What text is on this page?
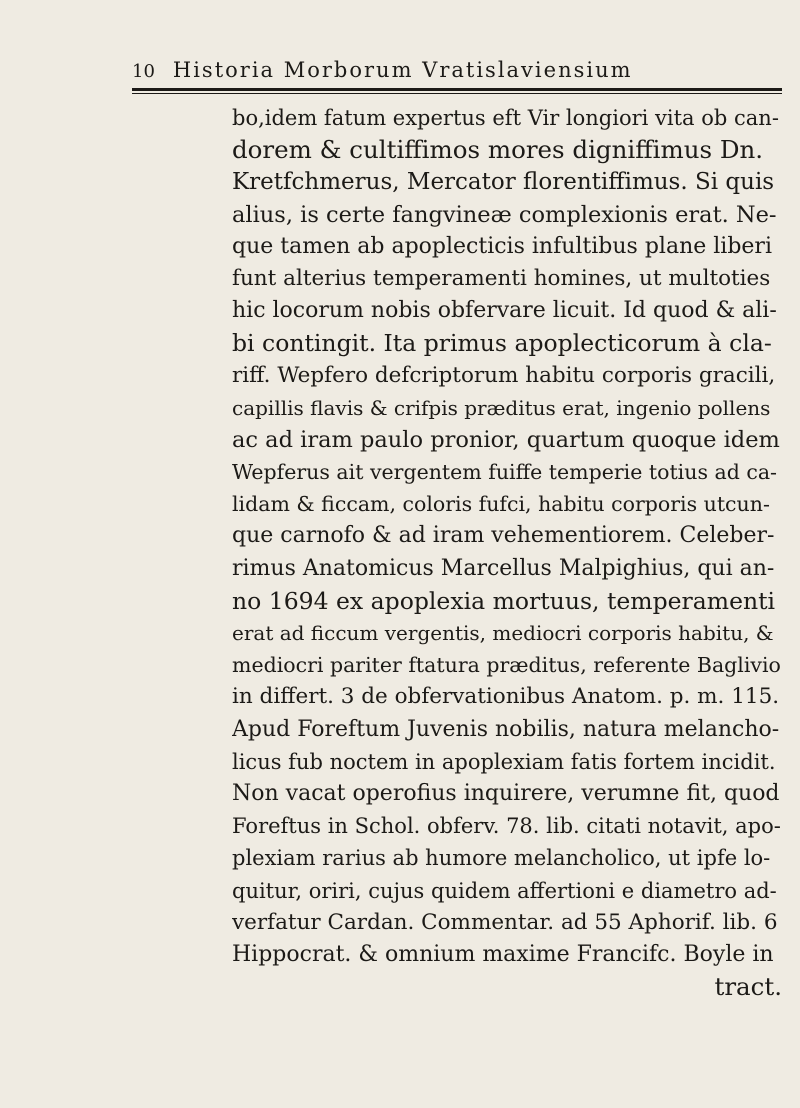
10 Historia Morborum Vratislaviensium
bo,idem fatum expertus eft Vir longiori vita ob can-
dorem & cultiffimos mores digniffimus Dn.
Kretfchmerus, Mercator florentiffimus. Si quis
alius, is certe fangvineæ complexionis erat. Ne-
que tamen ab apoplecticis infultibus plane liberi
funt alterius temperamenti homines, ut multoties
hic locorum nobis obfervare licuit. Id quod & ali-
bi contingit. Ita primus apoplecticorum à cla-
riff. Wepfero defcriptorum habitu corporis gracili,
capillis flavis & crifpis præditus erat, ingenio pollens
ac ad iram paulo pronior, quartum quoque idem
Wepferus ait vergentem fuiffe temperie totius ad ca-
lidam & ficcam, coloris fufci, habitu corporis utcun-
que carnofo & ad iram vehementiorem. Celeber-
rimus Anatomicus Marcellus Malpighius, qui an-
no 1694 ex apoplexia mortuus, temperamenti
erat ad ficcum vergentis, mediocri corporis habitu, &
mediocri pariter ftatura præditus, referente Baglivio
in differt. 3 de obfervationibus Anatom. p. m. 115.
Apud Foreftum Juvenis nobilis, natura melancho-
licus fub noctem in apoplexiam fatis fortem incidit.
Non vacat operofius inquirere, verumne fit, quod
Foreftus in Schol. obferv. 78. lib. citati notavit, apo-
plexiam rarius ab humore melancholico, ut ipfe lo-
quitur, oriri, cujus quidem affertioni e diametro ad-
verfatur Cardan. Commentar. ad 55 Aphorif. lib. 6
Hippocrat. & omnium maxime Francifc. Boyle in
tract.
